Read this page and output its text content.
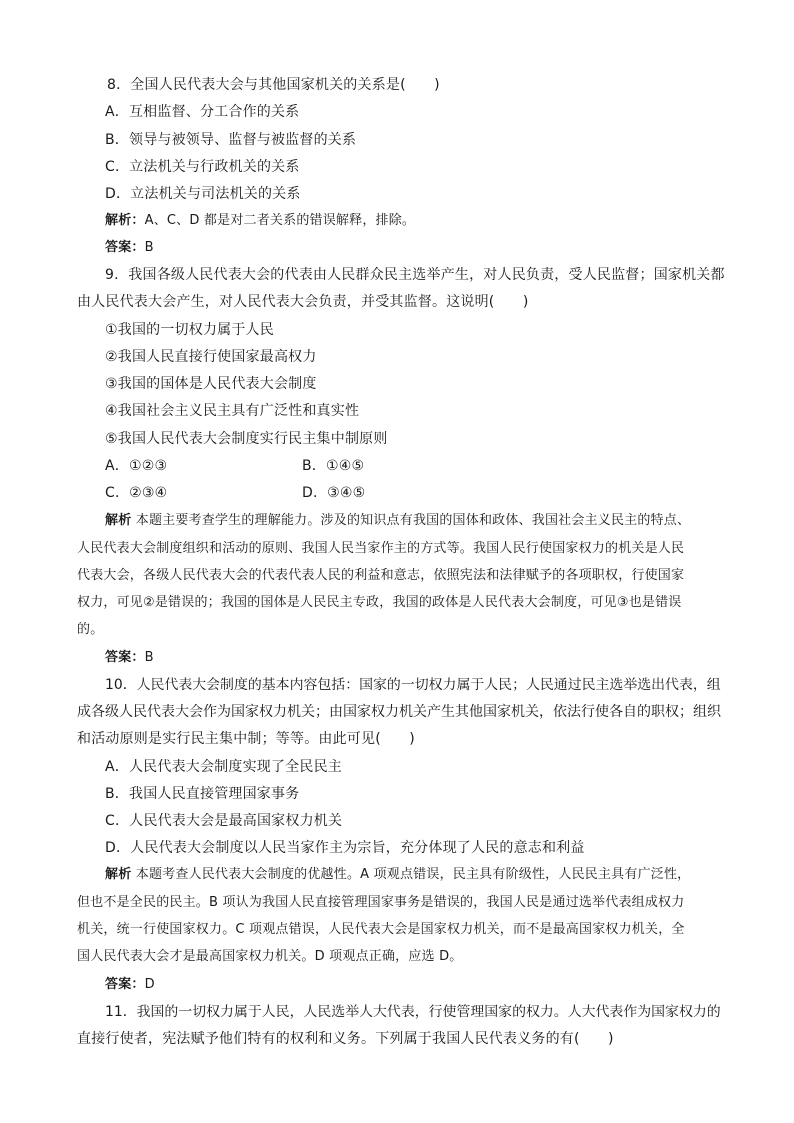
8．全国人民代表大会与其他国家机关的关系是(　　)
A．互相监督、分工合作的关系
B．领导与被领导、监督与被监督的关系
C．立法机关与行政机关的关系
D．立法机关与司法机关的关系
解析：A、C、D 都是对二者关系的错误解释，排除。
答案：B
9．我国各级人民代表大会的代表由人民群众民主选举产生，对人民负责，受人民监督；国家机关都
由人民代表大会产生，对人民代表大会负责，并受其监督。这说明(　　)
①我国的一切权力属于人民
②我国人民直接行使国家最高权力
③我国的国体是人民代表大会制度
④我国社会主义民主具有广泛性和真实性
⑤我国人民代表大会制度实行民主集中制原则
A．①②③	B．①④⑤
C．②③④	D．③④⑤
解析 本题主要考查学生的理解能力。涉及的知识点有我国的国体和政体、我国社会主义民主的特点、
人民代表大会制度组织和活动的原则、我国人民当家作主的方式等。我国人民行使国家权力的机关是人民
代表大会，各级人民代表大会的代表代表人民的利益和意志，依照宪法和法律赋予的各项职权，行使国家
权力，可见②是错误的；我国的国体是人民民主专政，我国的政体是人民代表大会制度，可见③也是错误
的。
答案：B
10．人民代表大会制度的基本内容包括：国家的一切权力属于人民；人民通过民主选举选出代表，组
成各级人民代表大会作为国家权力机关；由国家权力机关产生其他国家机关，依法行使各自的职权；组织
和活动原则是实行民主集中制；等等。由此可见(　　)
A．人民代表大会制度实现了全民民主
B．我国人民直接管理国家事务
C．人民代表大会是最高国家权力机关
D．人民代表大会制度以人民当家作主为宗旨，充分体现了人民的意志和利益
解析 本题考查人民代表大会制度的优越性。A 项观点错误，民主具有阶级性，人民民主具有广泛性，
但也不是全民的民主。B 项认为我国人民直接管理国家事务是错误的，我国人民是通过选举代表组成权力
机关，统一行使国家权力。C 项观点错误，人民代表大会是国家权力机关，而不是最高国家权力机关，全
国人民代表大会才是最高国家权力机关。D 项观点正确，应选 D。
答案：D
11．我国的一切权力属于人民，人民选举人大代表，行使管理国家的权力。人大代表作为国家权力的
直接行使者，宪法赋予他们特有的权利和义务。下列属于我国人民代表义务的有(　　)
